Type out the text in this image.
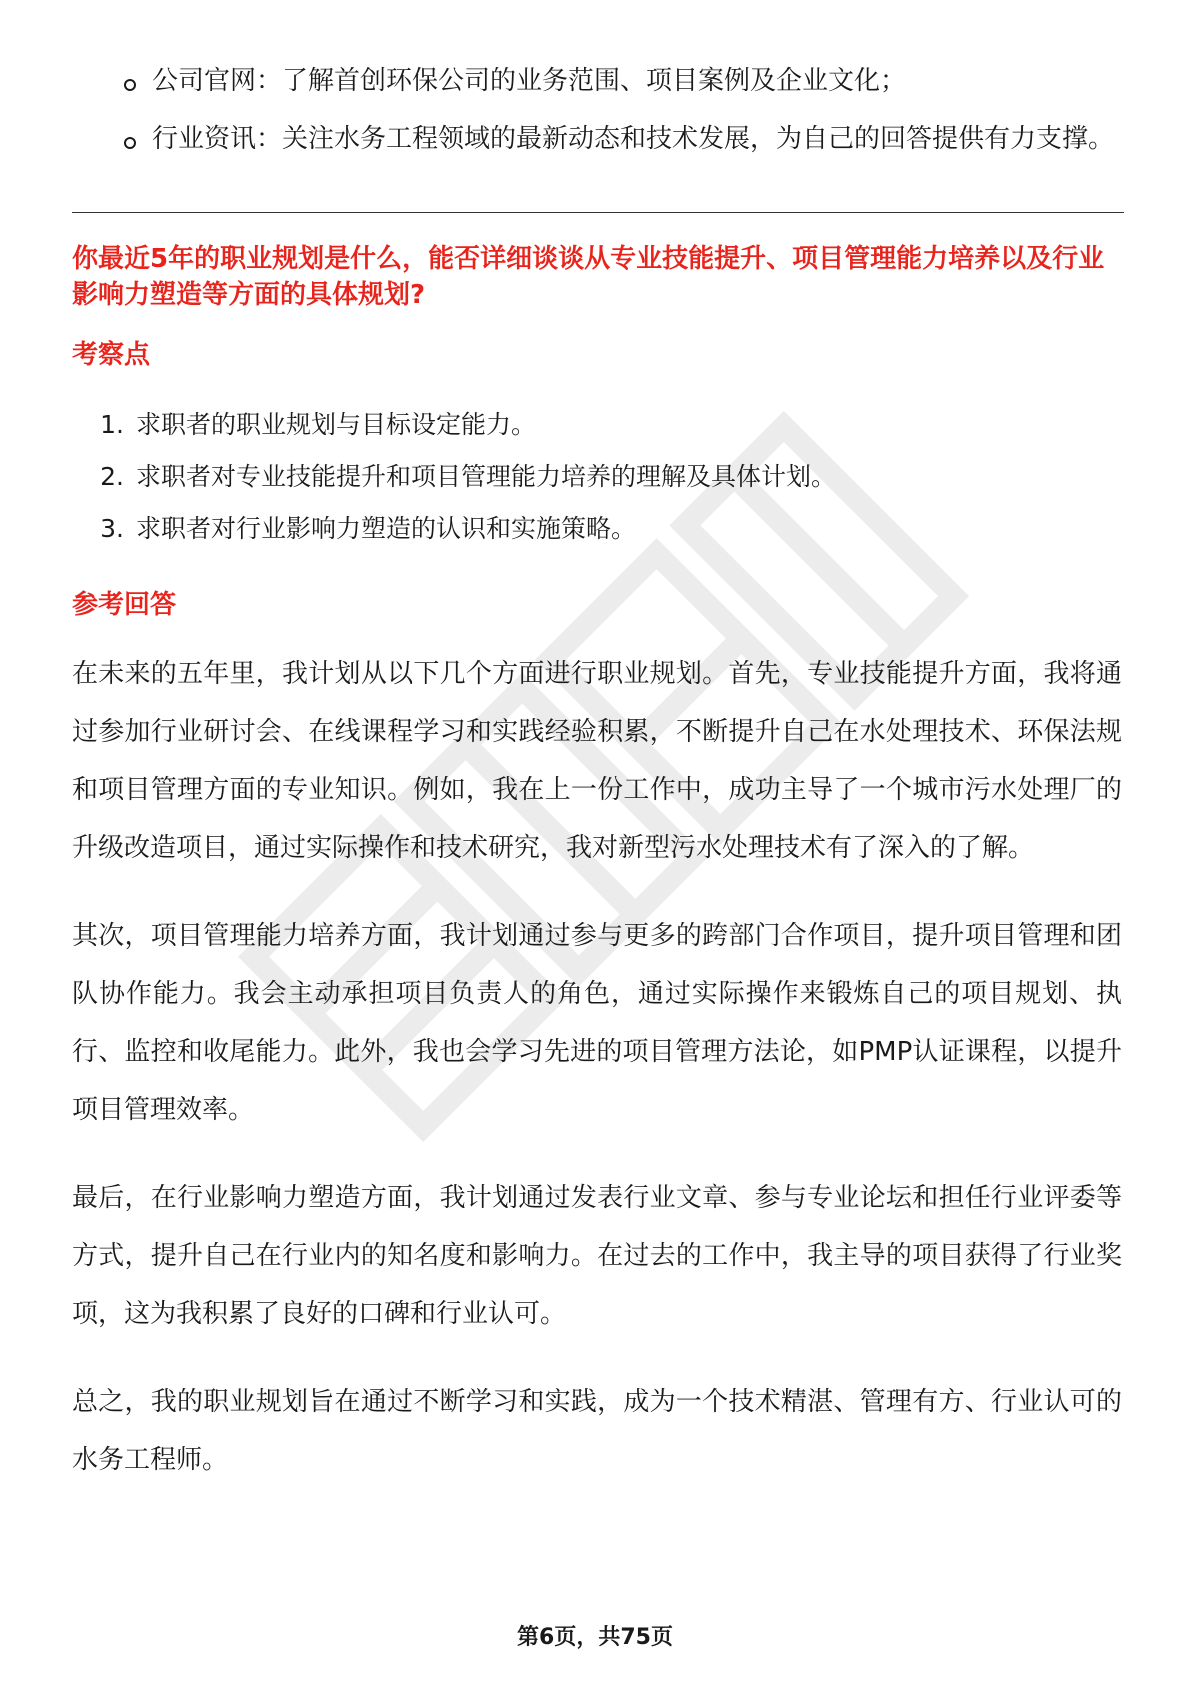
公司官网：了解首创环保公司的业务范围、项目案例及企业文化；
行业资讯：关注水务工程领域的最新动态和技术发展，为自己的回答提供有力支撑。
你最近5年的职业规划是什么，能否详细谈谈从专业技能提升、项目管理能力培养以及行业影响力塑造等方面的具体规划?
考察点
1. 求职者的职业规划与目标设定能力。
2. 求职者对专业技能提升和项目管理能力培养的理解及具体计划。
3. 求职者对行业影响力塑造的认识和实施策略。
参考回答

在未来的五年里，我计划从以下几个方面进行职业规划。首先，专业技能提升方面，我将通过参加行业研讨会、在线课程学习和实践经验积累，不断提升自己在水处理技术、环保法规和项目管理方面的专业知识。例如，我在上一份工作中，成功主导了一个城市污水处理厂的升级改造项目，通过实际操作和技术研究，我对新型污水处理技术有了深入的了解。

其次，项目管理能力培养方面，我计划通过参与更多的跨部门合作项目，提升项目管理和团队协作能力。我会主动承担项目负责人的角色，通过实际操作来锻炼自己的项目规划、执行、监控和收尾能力。此外，我也会学习先进的项目管理方法论，如PMP认证课程，以提升项目管理效率。

最后，在行业影响力塑造方面，我计划通过发表行业文章、参与专业论坛和担任行业评委等方式，提升自己在行业内的知名度和影响力。在过去的工作中，我主导的项目获得了行业奖项，这为我积累了良好的口碑和行业认可。

总之，我的职业规划旨在通过不断学习和实践，成为一个技术精湛、管理有方、行业认可的水务工程师。

第6页，共75页
